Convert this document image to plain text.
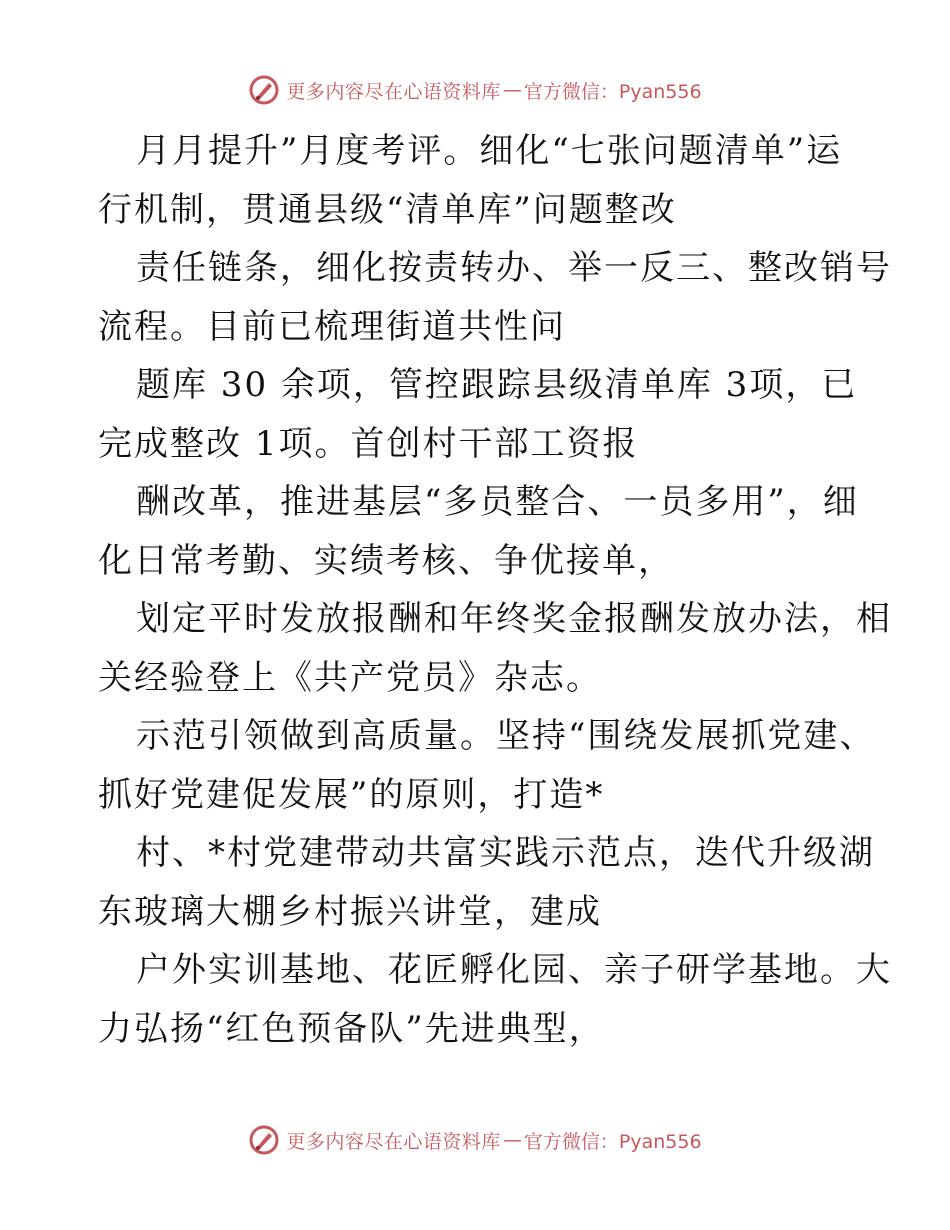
更多内容尽在心语资料库 — 官方微信：Pyan556
月月提升”月度考评。细化“七张问题清单”运
行机制，贯通县级“清单库”问题整改
责任链条，细化按责转办、举一反三、整改销号
流程。目前已梳理街道共性问
题库 30 余项，管控跟踪县级清单库 3项，已
完成整改 1项。首创村干部工资报
酬改革，推进基层“多员整合、一员多用”，细
化日常考勤、实绩考核、争优接单，
划定平时发放报酬和年终奖金报酬发放办法，相
关经验登上《共产党员》杂志。
示范引领做到高质量。坚持“围绕发展抓党建、
抓好党建促发展”的原则，打造*
村、*村党建带动共富实践示范点，迭代升级湖
东玻璃大棚乡村振兴讲堂，建成
户外实训基地、花匠孵化园、亲子研学基地。大
力弘扬“红色预备队”先进典型，
更多内容尽在心语资料库 — 官方微信：Pyan556
